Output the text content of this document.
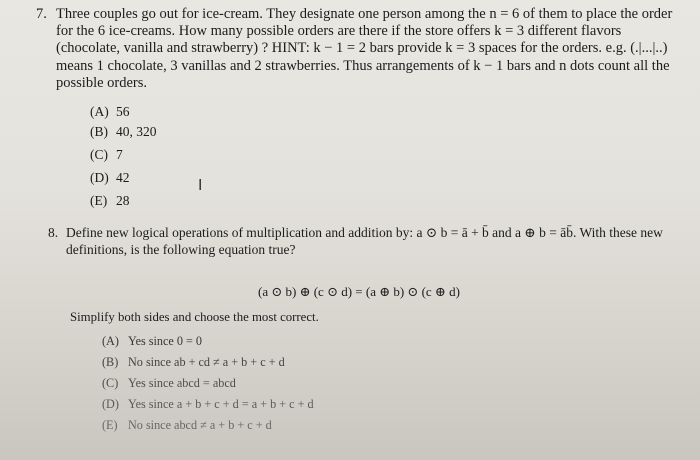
7. Three couples go out for ice-cream. They designate one person among the n = 6 of them to place the order for the 6 ice-creams. How many possible orders are there if the store offers k = 3 different flavors (chocolate, vanilla and strawberry) ? HINT: k − 1 = 2 bars provide k = 3 spaces for the orders. e.g. (.|...|..) means 1 chocolate, 3 vanillas and 2 strawberries. Thus arrangements of k − 1 bars and n dots count all the possible orders.
(A) 56
(B) 40, 320
(C) 7
(D) 42
(E) 28
I
8. Define new logical operations of multiplication and addition by: a ⊙ b = ā + b̄ and a ⊕ b = āb̄. With these new definitions, is the following equation true?
(a ⊙ b) ⊕ (c ⊙ d) = (a ⊕ b) ⊙ (c ⊕ d)
Simplify both sides and choose the most correct.
(A) Yes since 0 = 0
(B) No since ab + cd ≠ a + b + c + d
(C) Yes since abcd = abcd
(D) Yes since a + b + c + d = a + b + c + d
(E) No since abcd ≠ a + b + c + d
